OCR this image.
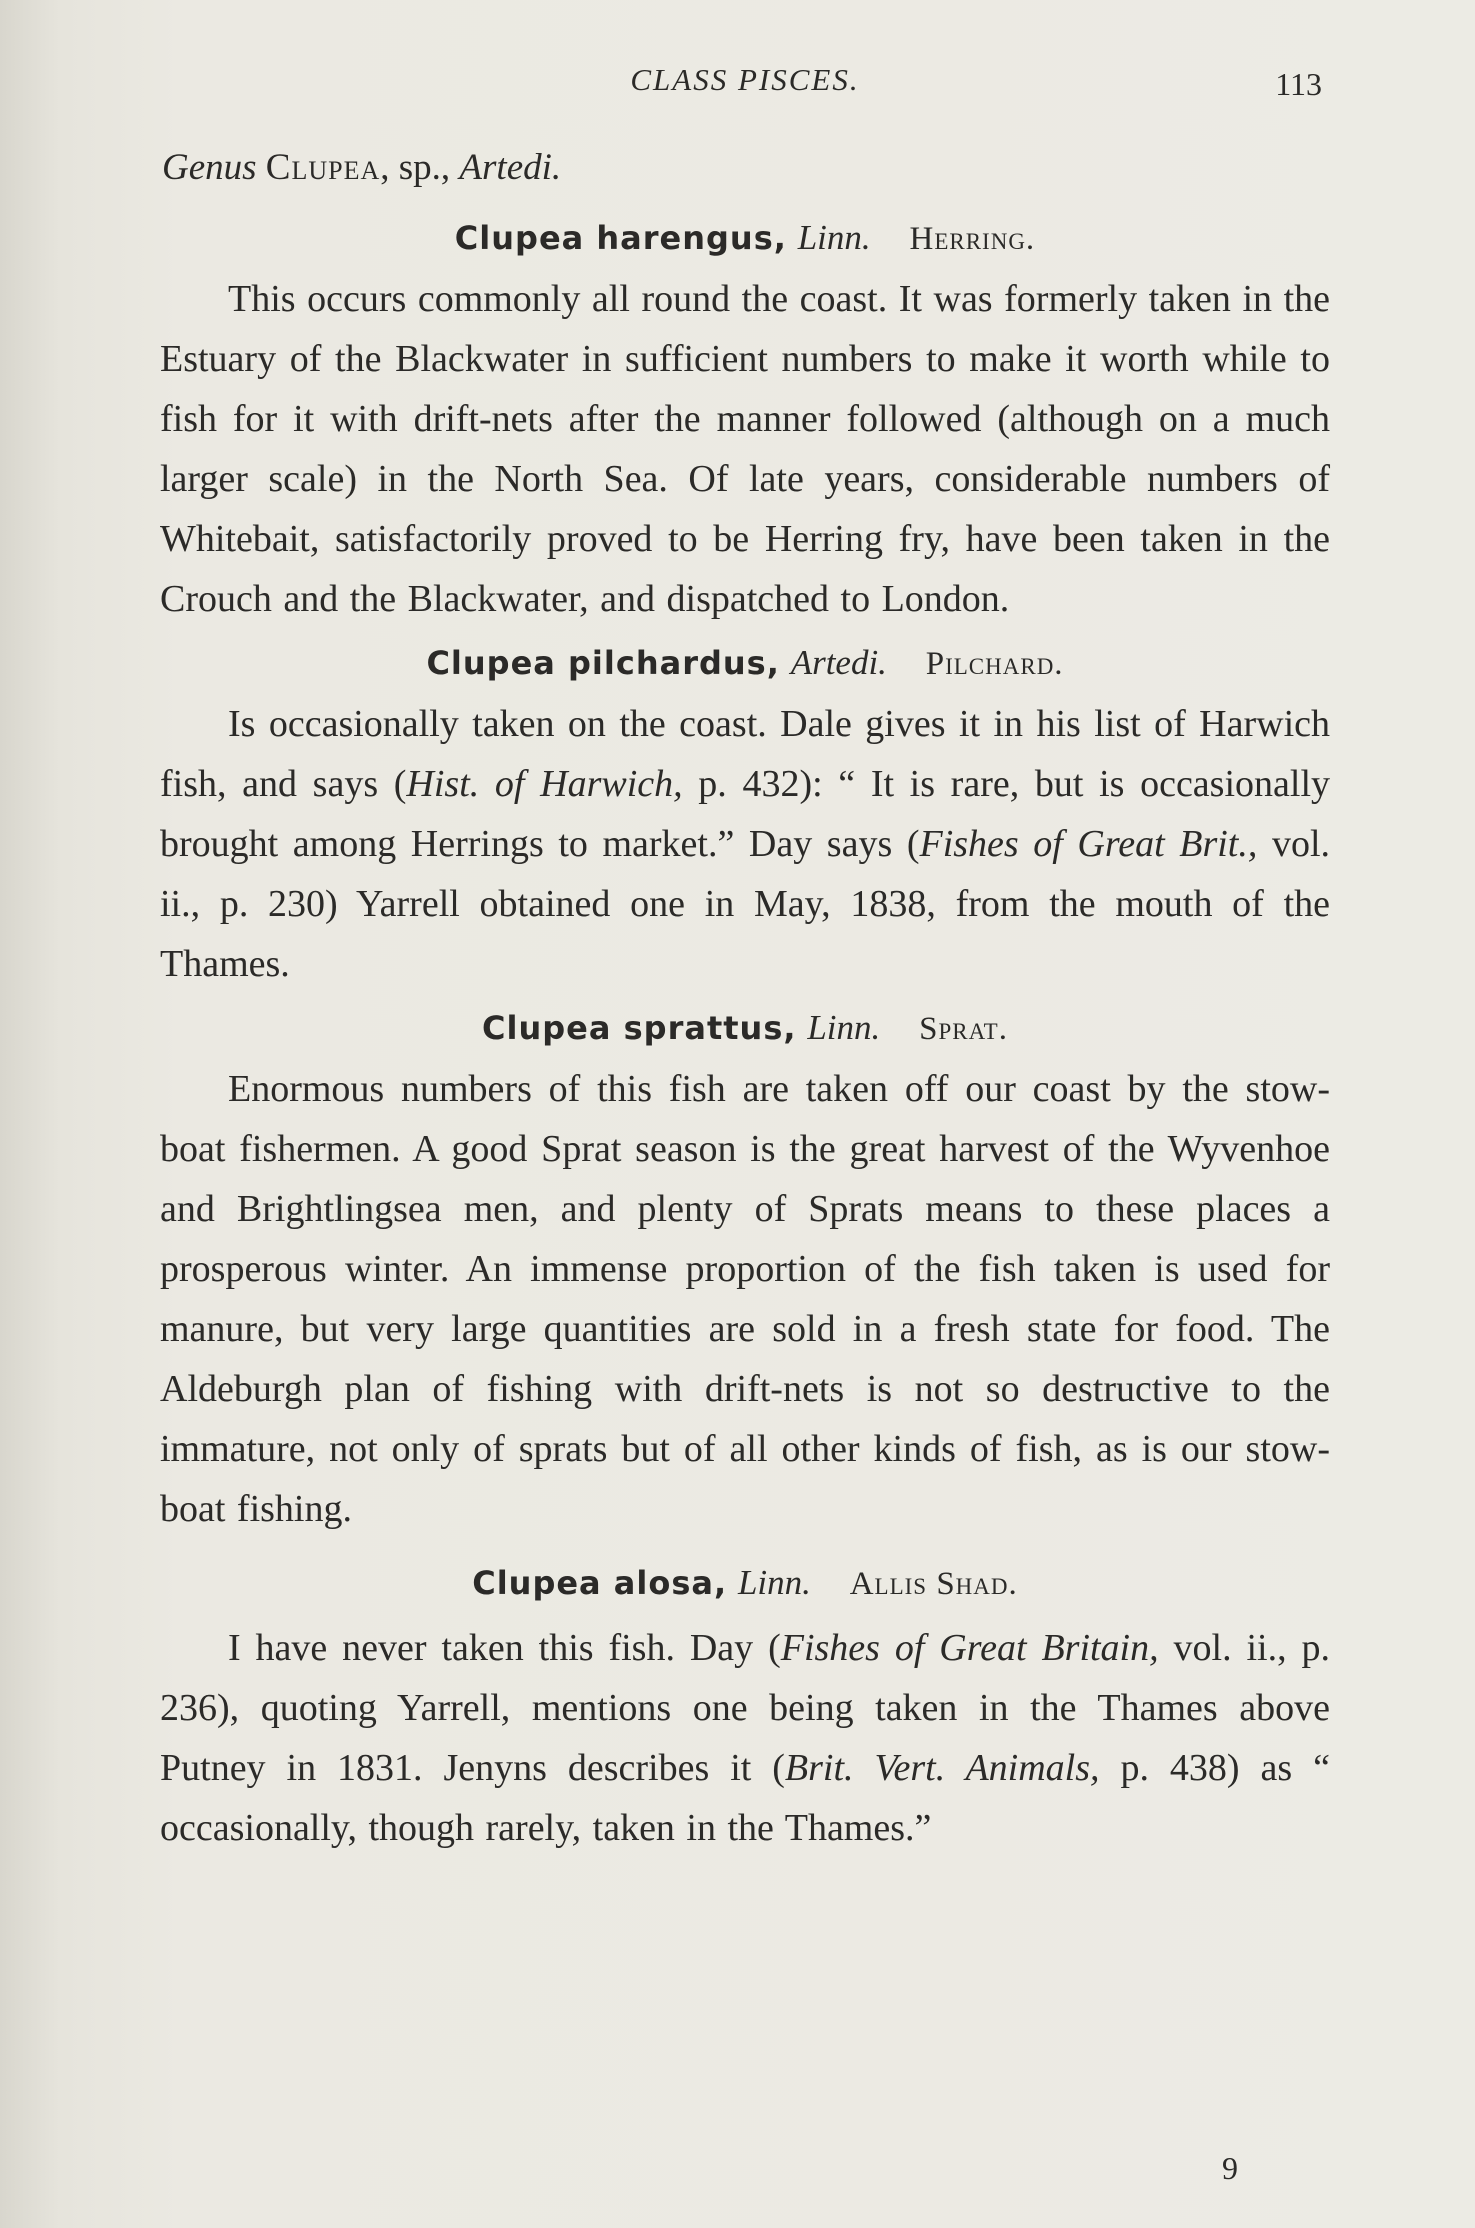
CLASS PISCES.	113
Genus Clupea, sp., Artedi.
Clupea harengus, Linn. Herring.

This occurs commonly all round the coast. It was formerly taken in the Estuary of the Blackwater in sufficient numbers to make it worth while to fish for it with drift-nets after the manner followed (although on a much larger scale) in the North Sea. Of late years, considerable numbers of Whitebait, satisfactorily proved to be Herring fry, have been taken in the Crouch and the Blackwater, and dispatched to London.

Clupea pilchardus, Artedi. Pilchard.

Is occasionally taken on the coast. Dale gives it in his list of Harwich fish, and says (Hist. of Harwich, p. 432): “ It is rare, but is occasionally brought among Herrings to market.” Day says (Fishes of Great Brit., vol. ii., p. 230) Yarrell obtained one in May, 1838, from the mouth of the Thames.

Clupea sprattus, Linn. Sprat.

Enormous numbers of this fish are taken off our coast by the stow-boat fishermen. A good Sprat season is the great harvest of the Wyvenhoe and Brightlingsea men, and plenty of Sprats means to these places a prosperous winter. An immense proportion of the fish taken is used for manure, but very large quantities are sold in a fresh state for food. The Aldeburgh plan of fishing with drift-nets is not so destructive to the immature, not only of sprats but of all other kinds of fish, as is our stow-boat fishing.

Clupea alosa, Linn. Allis Shad.

I have never taken this fish. Day (Fishes of Great Britain, vol. ii., p. 236), quoting Yarrell, mentions one being taken in the Thames above Putney in 1831. Jenyns describes it (Brit. Vert. Animals, p. 438) as “ occasionally, though rarely, taken in the Thames.”

9
